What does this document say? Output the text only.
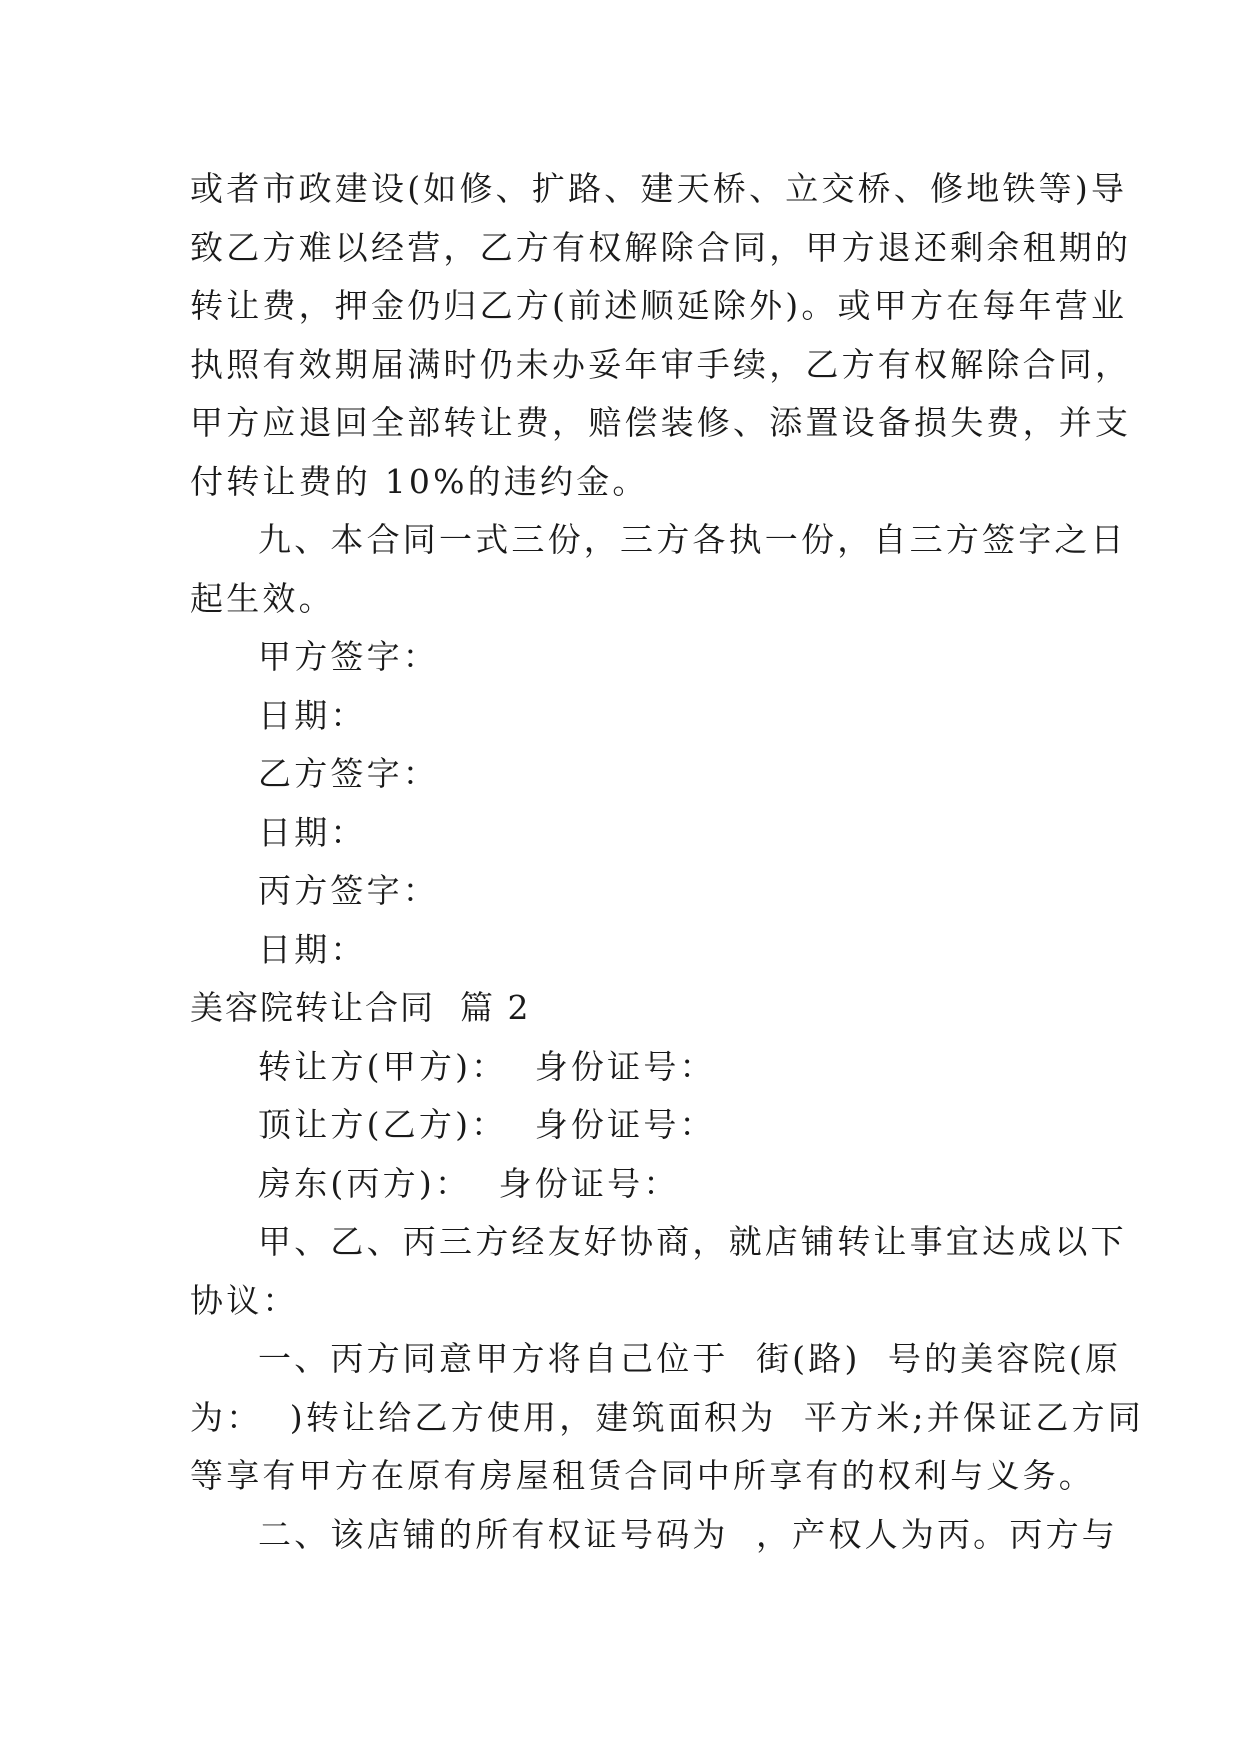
或者市政建设(如修、扩路、建天桥、立交桥、修地铁等)导

致乙方难以经营，乙方有权解除合同，甲方退还剩余租期的

转让费，押金仍归乙方(前述顺延除外)。或甲方在每年营业

执照有效期届满时仍未办妥年审手续，乙方有权解除合同，

甲方应退回全部转让费，赔偿装修、添置设备损失费，并支

付转让费的 10%的违约金。

九、本合同一式三份，三方各执一份，自三方签字之日

起生效。

甲方签字：

日期：

乙方签字：

日期：

丙方签字：

日期：

美容院转让合同  篇 2

转让方(甲方)：  身份证号：

顶让方(乙方)：  身份证号：

房东(丙方)：  身份证号：

甲、乙、丙三方经友好协商，就店铺转让事宜达成以下

协议：

一、丙方同意甲方将自己位于  街(路)  号的美容院(原

为：  )转让给乙方使用，建筑面积为  平方米;并保证乙方同

等享有甲方在原有房屋租赁合同中所享有的权利与义务。

二、该店铺的所有权证号码为  ，产权人为丙。丙方与
